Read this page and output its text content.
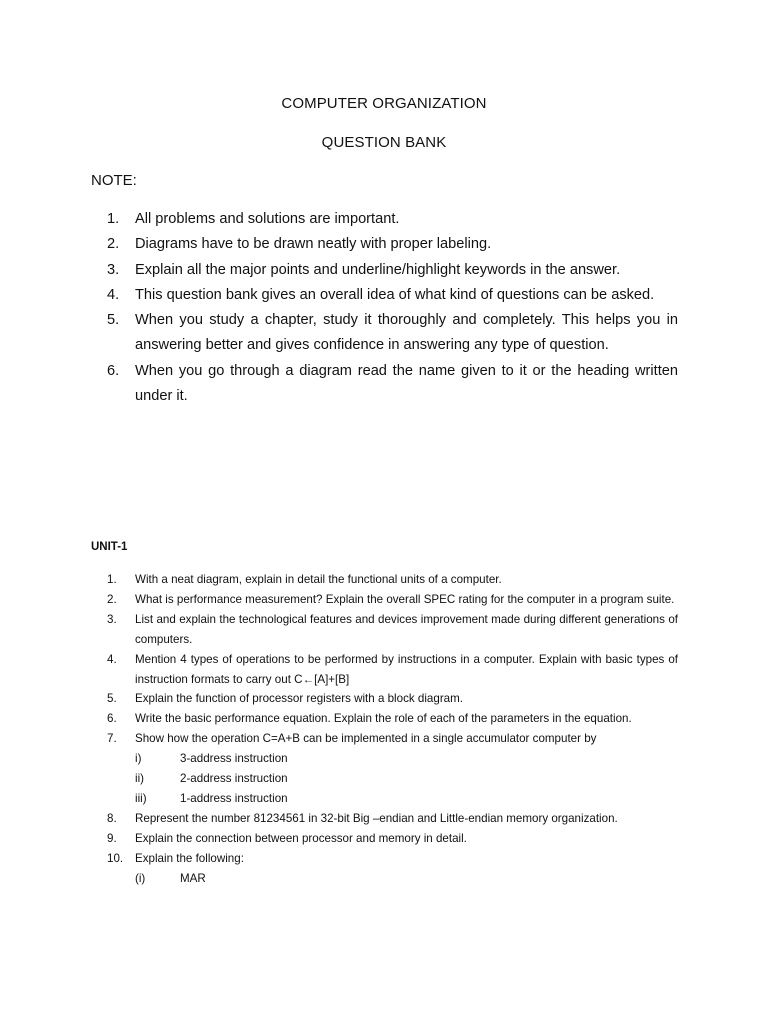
COMPUTER ORGANIZATION
QUESTION BANK
NOTE:
1. All problems and solutions are important.
2. Diagrams have to be drawn neatly with proper labeling.
3. Explain all the major points and underline/highlight keywords in the answer.
4. This question bank gives an overall idea of what kind of questions can be asked.
5. When you study a chapter, study it thoroughly and completely. This helps you in answering better and gives confidence in answering any type of question.
6. When you go through a diagram read the name given to it or the heading written under it.
UNIT-1
1. With a neat diagram, explain in detail the functional units of a computer.
2. What is performance measurement? Explain the overall SPEC rating for the computer in a program suite.
3. List and explain the technological features and devices improvement made during different generations of computers.
4. Mention 4 types of operations to be performed by instructions in a computer. Explain with basic types of instruction formats to carry out C←[A]+[B]
5. Explain the function of processor registers with a block diagram.
6. Write the basic performance equation. Explain the role of each of the parameters in the equation.
7. Show how the operation C=A+B can be implemented in a single accumulator computer by
i)	3-address instruction
ii)	2-address instruction
iii)	1-address instruction
8. Represent the number 81234561 in 32-bit Big –endian and Little-endian memory organization.
9. Explain the connection between processor and memory in detail.
10. Explain the following:
(i)	MAR
